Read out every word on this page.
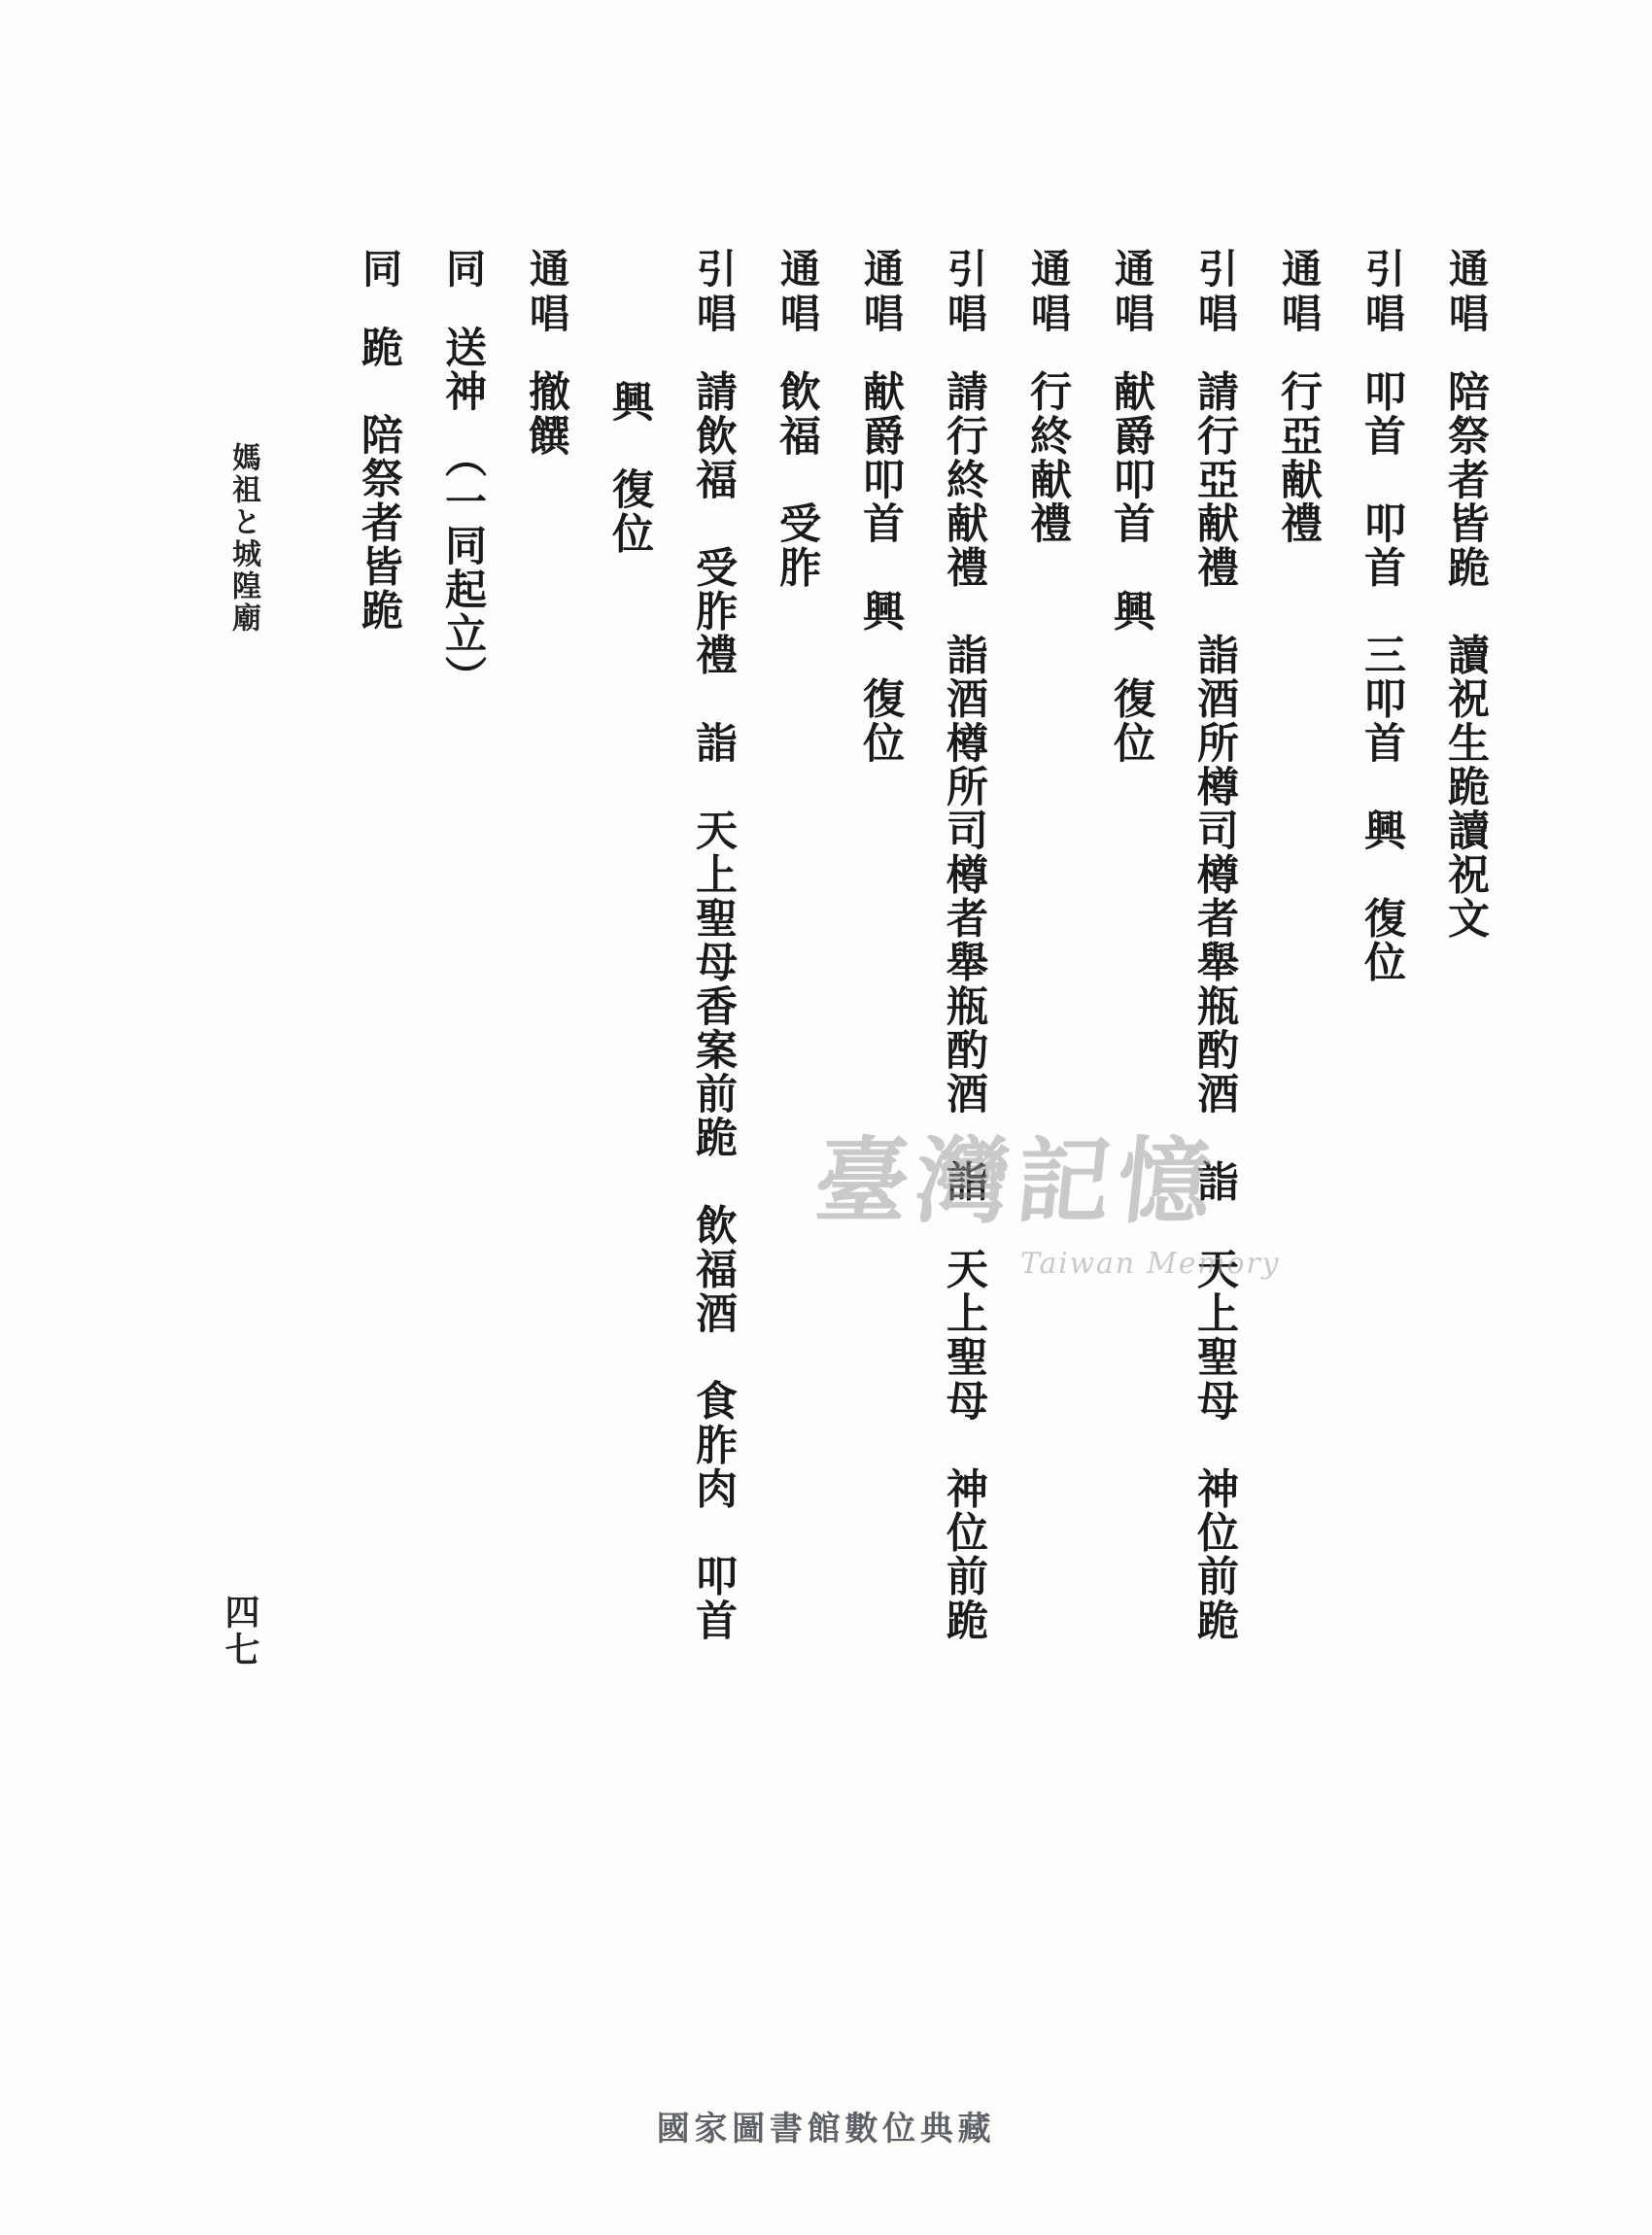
通唱陪祭者皆跪　讀祝生跪讀祝文
引唱叩首　叩首　三叩首　興　復位
通唱行亞献禮
引唱請行亞献禮　詣酒所樽司樽者舉瓶酌酒　詣　天上聖母　神位前跪
通唱献爵叩首　興　復位
通唱行終献禮
引唱請行終献禮　詣酒樽所司樽者舉瓶酌酒　詣　天上聖母　神位前跪
通唱献爵叩首　興　復位
通唱飲福　受胙
引唱請飲福　受胙禮　詣　天上聖母香案前跪　飲福酒　食胙肉　叩首
興　復位
通唱撤饌
同送神　（一同起立）
同跪　陪祭者皆跪
媽祖と城隍廟
四七
臺灣記憶
Taiwan Memory
國家圖書館數位典藏
